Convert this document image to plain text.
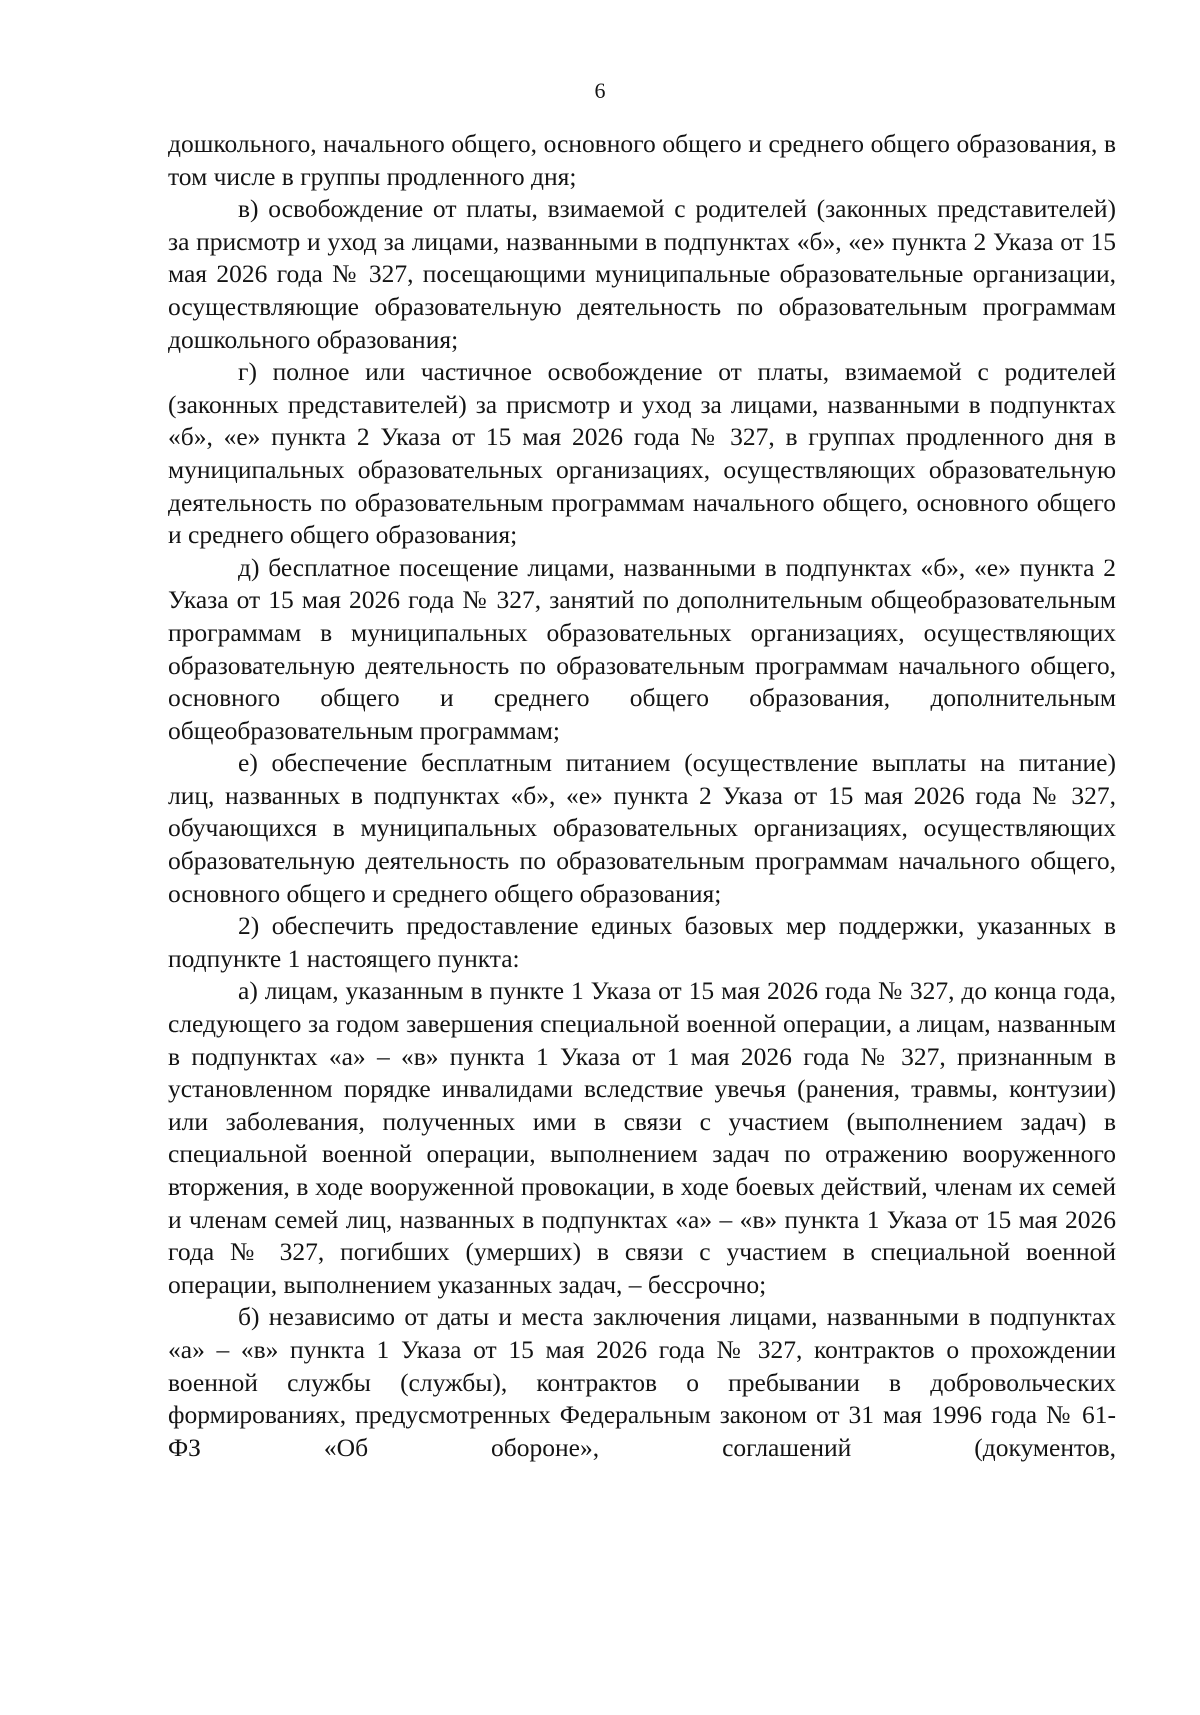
6

дошкольного, начального общего, основного общего и среднего общего образования, в том числе в группы продленного дня;

в) освобождение от платы, взимаемой с родителей (законных представителей) за присмотр и уход за лицами, названными в подпунктах «б», «е» пункта 2 Указа от 15 мая 2026 года № 327, посещающими муниципальные образовательные организации, осуществляющие образовательную деятельность по образовательным программам дошкольного образования;

г) полное или частичное освобождение от платы, взимаемой с родителей (законных представителей) за присмотр и уход за лицами, названными в подпунктах «б», «е» пункта 2 Указа от 15 мая 2026 года № 327, в группах продленного дня в муниципальных образовательных организациях, осуществляющих образовательную деятельность по образовательным программам начального общего, основного общего и среднего общего образования;

д) бесплатное посещение лицами, названными в подпунктах «б», «е» пункта 2 Указа от 15 мая 2026 года № 327, занятий по дополнительным общеобразовательным программам в муниципальных образовательных организациях, осуществляющих образовательную деятельность по образовательным программам начального общего, основного общего и среднего общего образования, дополнительным общеобразовательным программам;

е) обеспечение бесплатным питанием (осуществление выплаты на питание) лиц, названных в подпунктах «б», «е» пункта 2 Указа от 15 мая 2026 года № 327, обучающихся в муниципальных образовательных организациях, осуществляющих образовательную деятельность по образовательным программам начального общего, основного общего и среднего общего образования;

2) обеспечить предоставление единых базовых мер поддержки, указанных в подпункте 1 настоящего пункта:

а) лицам, указанным в пункте 1 Указа от 15 мая 2026 года № 327, до конца года, следующего за годом завершения специальной военной операции, а лицам, названным в подпунктах «а» – «в» пункта 1 Указа от 1 мая 2026 года № 327, признанным в установленном порядке инвалидами вследствие увечья (ранения, травмы, контузии) или заболевания, полученных ими в связи с участием (выполнением задач) в специальной военной операции, выполнением задач по отражению вооруженного вторжения, в ходе вооруженной провокации, в ходе боевых действий, членам их семей и членам семей лиц, названных в подпунктах «а» – «в» пункта 1 Указа от 15 мая 2026 года № 327, погибших (умерших) в связи с участием в специальной военной операции, выполнением указанных задач, – бессрочно;

б) независимо от даты и места заключения лицами, названными в подпунктах «а» – «в» пункта 1 Указа от 15 мая 2026 года № 327, контрактов о прохождении военной службы (службы), контрактов о пребывании в добровольческих формированиях, предусмотренных Федеральным законом от 31 мая 1996 года № 61-ФЗ «Об обороне», соглашений (документов,
